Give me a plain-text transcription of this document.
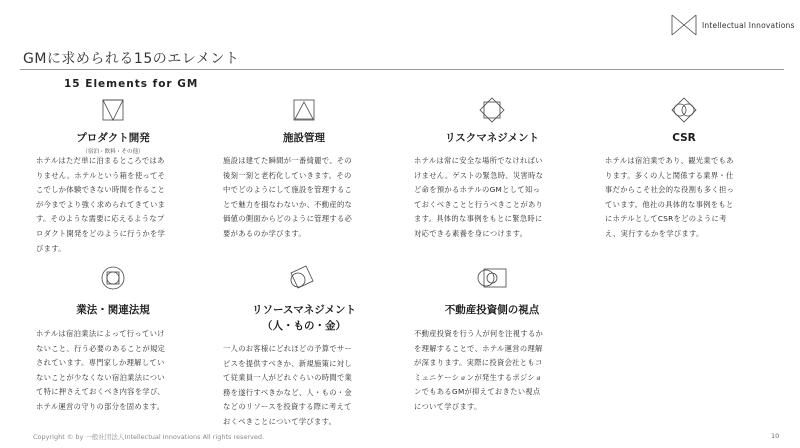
Intellectual Innovations
GMに求められる15のエレメント
15 Elements for GM
プロダクト開発
（宿泊・飲料・その他）
ホテルはただ単に泊まるところではあ
りません。ホテルという箱を使ってそ
こでしか体験できない時間を作ること
が今までより強く求められてきていま
す。そのような需要に応えるようなプ
ロダクト開発をどのように行うかを学
びます。
施設管理
施設は建てた瞬間が一番綺麗で、その
後刻一刻と老朽化していきます。その
中でどのようにして施設を管理するこ
とで魅力を損なわないか、不動産的な
価値の側面からどのように管理する必
要があるのか学びます。
リスクマネジメント
ホテルは常に安全な場所でなければい
けません。ゲストの緊急時、災害時な
ど命を預かるホテルのGMとして知っ
ておくべきことと行うべきことがあり
ます。具体的な事例をもとに緊急時に
対応できる素養を身につけます。
CSR
ホテルは宿泊業であり、観光業でもあ
ります。多くの人と関係する業界・仕
事だからこそ社会的な役割も多く担っ
ています。他社の具体的な事例をもと
にホテルとしてCSRをどのように考
え、実行するかを学びます。
業法・関連法規
ホテルは宿泊業法によって行っていけ
ないこと、行う必要のあることが規定
されています。専門家しか理解してい
ないことが少なくない宿泊業法につい
て特に押さえておくべき内容を学び、
ホテル運営の守りの部分を固めます。
リソースマネジメント
（人・もの・金）
一人のお客様にどれほどの予算でサー
ビスを提供すべきか、新規施策に対し
て従業員一人がどれぐらいの時間で業
務を遂行すべきかなど、人・もの・金
などのリソースを投資する際に考えて
おくべきことについて学びます。
不動産投資側の視点
不動産投資を行う人が何を注視するか
を理解することで、ホテル運営の理解
が深まります。実際に投資会社ともコ
ミュニケーションが発生するポジショ
ンでもあるGMが抑えておきたい視点
について学びます。
Copyright © by 一般社団法人Intellectual Innovations All rights reserved.	10
